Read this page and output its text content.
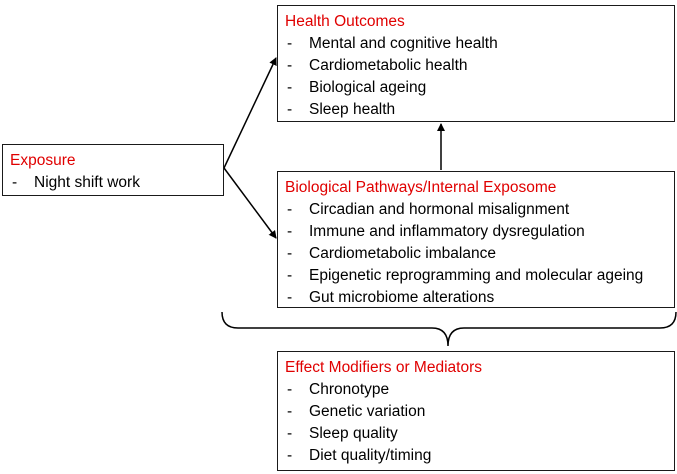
Exposure
- Night shift work
Health Outcomes
- Mental and cognitive health
- Cardiometabolic health
- Biological ageing
- Sleep health
Biological Pathways/Internal Exposome
- Circadian and hormonal misalignment
- Immune and inflammatory dysregulation
- Cardiometabolic imbalance
- Epigenetic reprogramming and molecular ageing
- Gut microbiome alterations
Effect Modifiers or Mediators
- Chronotype
- Genetic variation
- Sleep quality
- Diet quality/timing
